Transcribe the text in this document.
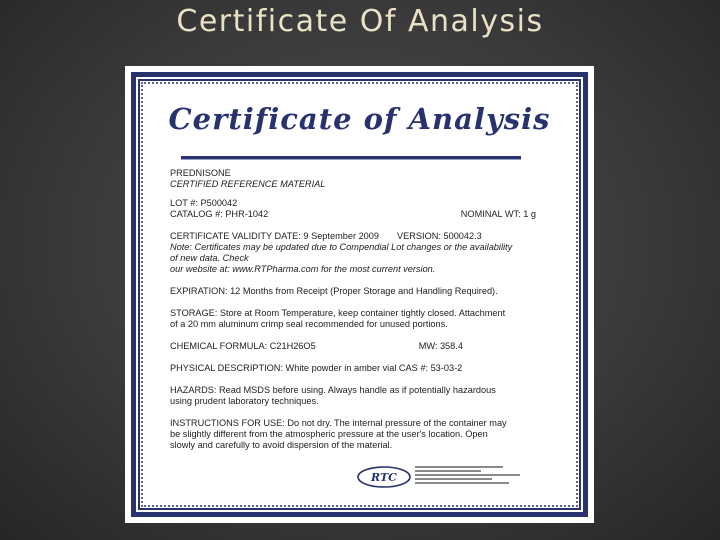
Certificate Of Analysis
Certificate of Analysis

PREDNISONE

CERTIFIED REFERENCE MATERIAL

LOT #: P500042

CATALOG #: PHR-1042	NOMINAL WT: 1 g

CERTIFICATE VALIDITY DATE: 9 September 2009 VERSION: 500042.3

Note: Certificates may be updated due to Compendial Lot changes or the availability

of new data. Check

our website at: www.RTPharma.com for the most current version.

EXPIRATION: 12 Months from Receipt (Proper Storage and Handling Required).

STORAGE: Store at Room Temperature, keep container tightly closed. Attachment

of a 20 mm aluminum crimp seal recommended for unused portions.

CHEMICAL FORMULA: C21H26O5	MW: 358.4

PHYSICAL DESCRIPTION: White powder in amber vial CAS #: 53-03-2

HAZARDS: Read MSDS before using. Always handle as if potentially hazardous

using prudent laboratory techniques.

INSTRUCTIONS FOR USE: Do not dry. The internal pressure of the container may

be slightly different from the atmospheric pressure at the user's location. Open

slowly and carefully to avoid dispersion of the material.

RTC
